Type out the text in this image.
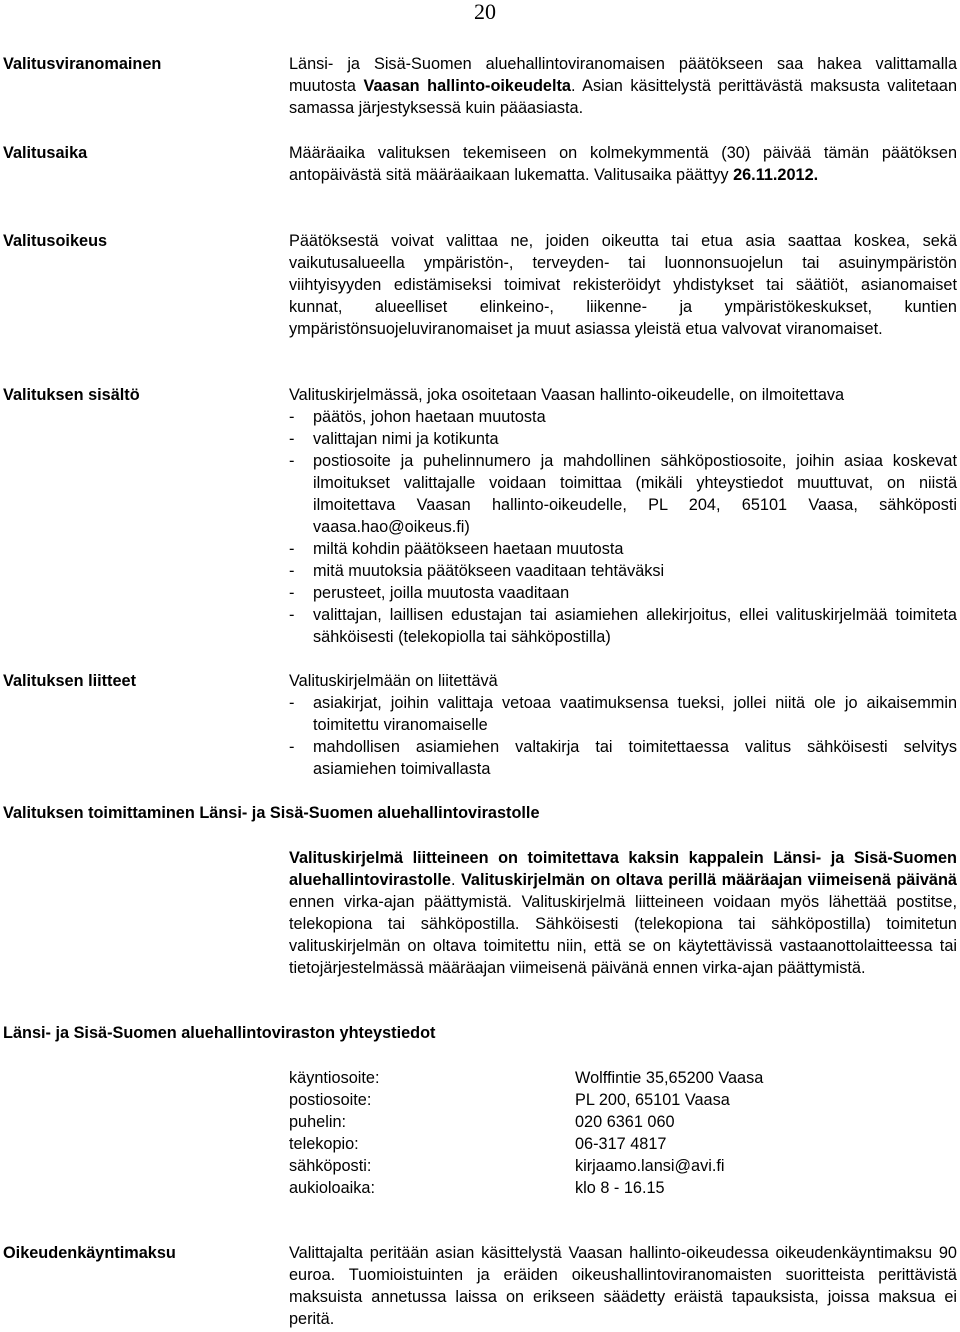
20
Valitusviranomainen	Länsi- ja Sisä-Suomen aluehallintoviranomaisen päätökseen saa hakea valittamalla muutosta Vaasan hallinto-oikeudelta. Asian käsittelystä perittävästä maksusta valitetaan samassa järjestyksessä kuin pääasiasta.

Valitusaika	Määräaika valituksen tekemiseen on kolmekymmentä (30) päivää tämän päätöksen antopäivästä sitä määräaikaan lukematta. Valitusaika päättyy 26.11.2012.

Valitusoikeus	Päätöksestä voivat valittaa ne, joiden oikeutta tai etua asia saattaa koskea, sekä vaikutusalueella ympäristön-, terveyden- tai luonnonsuojelun tai asuinympäristön viihtyisyyden edistämiseksi toimivat rekisteröidyt yhdistykset tai säätiöt, asianomaiset kunnat, alueelliset elinkeino-, liikenne- ja ympäristökeskukset, kuntien ympäristönsuojeluviranomaiset ja muut asiassa yleistä etua valvovat viranomaiset.

Valituksen sisältö	Valituskirjelmässä, joka osoitetaan Vaasan hallinto-oikeudelle, on ilmoitettava

- päätös, johon haetaan muutosta
- valittajan nimi ja kotikunta
- postiosoite ja puhelinnumero ja mahdollinen sähköpostiosoite, joihin asiaa koskevat ilmoitukset valittajalle voidaan toimittaa (mikäli yhteystiedot muuttuvat, on niistä ilmoitettava Vaasan hallinto-oikeudelle, PL 204, 65101 Vaasa, sähköposti vaasa.hao@oikeus.fi)
- miltä kohdin päätökseen haetaan muutosta
- mitä muutoksia päätökseen vaaditaan tehtäväksi
- perusteet, joilla muutosta vaaditaan
- valittajan, laillisen edustajan tai asiamiehen allekirjoitus, ellei valituskirjelmää toimiteta sähköisesti (telekopiolla tai sähköpostilla)
Valituksen liitteet	Valituskirjelmään on liitettävä

- asiakirjat, joihin valittaja vetoaa vaatimuksensa tueksi, jollei niitä ole jo aikaisemmin toimitettu viranomaiselle
- mahdollisen asiamiehen valtakirja tai toimitettaessa valitus sähköisesti selvitys asiamiehen toimivallasta
Valituksen toimittaminen Länsi- ja Sisä-Suomen aluehallintovirastolle

Valituskirjelmä liitteineen on toimitettava kaksin kappalein Länsi- ja Sisä-Suomen aluehallintovirastolle. Valituskirjelmän on oltava perillä määräajan viimeisenä päivänä ennen virka-ajan päättymistä. Valituskirjelmä liitteineen voidaan myös lähettää postitse, telekopiona tai sähköpostilla. Sähköisesti (telekopiona tai sähköpostilla) toimitetun valituskirjelmän on oltava toimitettu niin, että se on käytettävissä vastaanottolaitteessa tai tietojärjestelmässä määräajan viimeisenä päivänä ennen virka-ajan päättymistä.

Länsi- ja Sisä-Suomen aluehallintoviraston yhteystiedot
käyntiosoite:	Wolffintie 35,65200 Vaasa
postiosoite:	PL 200, 65101 Vaasa
puhelin:	020 6361 060
telekopio:	06-317 4817
sähköposti:	kirjaamo.lansi@avi.fi
aukioloaika:	klo 8 - 16.15
Oikeudenkäyntimaksu	Valittajalta peritään asian käsittelystä Vaasan hallinto-oikeudessa oikeudenkäyntimaksu 90 euroa. Tuomioistuinten ja eräiden oikeushallintoviranomaisten suoritteista perittävistä maksuista annetussa laissa on erikseen säädetty eräistä tapauksista, joissa maksua ei peritä.
